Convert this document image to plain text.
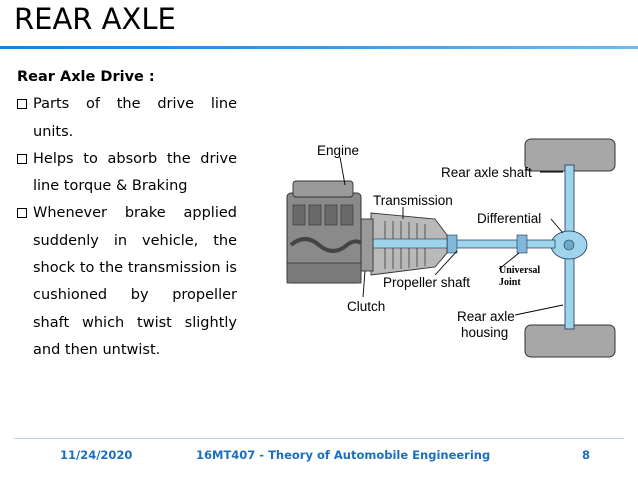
REAR AXLE
Rear Axle Drive :
Parts of the drive line
units.
Helps to absorb the drive
line torque & Braking
Whenever brake applied
suddenly in vehicle, the shock to the transmission is cushioned by propeller shaft which twist slightly and then untwist.
Engine
Transmission
Clutch
Propeller shaft
Universal
Joint
Rear axle shaft
Differential
Rear axle
housing
11/24/2020	16MT407 - Theory of Automobile Engineering	8
